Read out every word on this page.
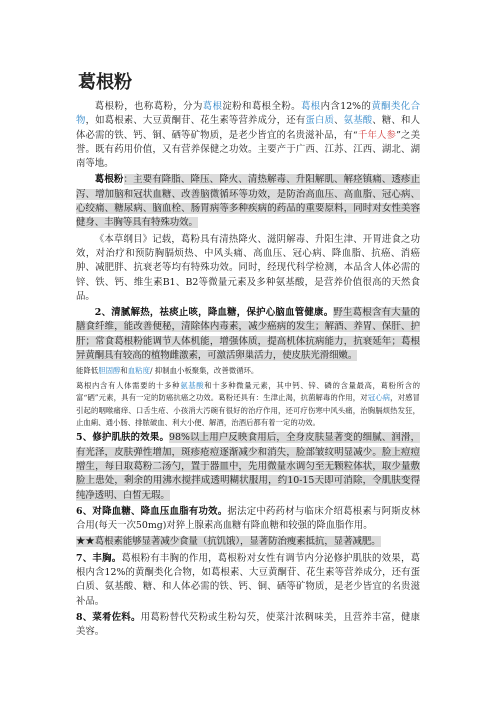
葛根粉

葛根粉，也称葛粉，分为葛根淀粉和葛根全粉。葛根内含12%的黄酮类化合物，如葛根素、大豆黄酮苷、花生素等营养成分，还有蛋白质、氨基酸、糖、和人体必需的铁、钙、铜、硒等矿物质，是老少皆宜的名贵滋补品，有“千年人参”之美誉。既有药用价值，又有营养保健之功效。主要产于广西、江苏、江西、湖北、湖南等地。

葛根粉：主要有降脂、降压、降火、清热解毒、升阳解肌、解痉镇痛、透疹止泻、增加脑和冠状血糖、改善脑微循环等功效，是防治高血压、高血脂、冠心病、心绞痛、糖尿病、脑血栓、肠胃病等多种疾病的药品的重要原料，同时对女性美容健身、丰胸等具有特殊功效。

《本草纲目》记载，葛粉具有清热降火、滋阴解毒、升阳生津、开胃进食之功效，对治疗和预防胸膈烦热、中风头痛、高血压、冠心病、降血脂、抗癌、消癌肿、减肥胖、抗衰老等均有特殊功效。同时，经现代科学检测，本品含人体必需的锌、铁、钙、维生素B1、B2等微量元素及多种氨基酸，是营养价值很高的天然食品。

2、清腻解热，祛痰止咳，降血糖，保护心脑血管健康。野生葛根含有大量的膳食纤维，能改善便秘，清除体内毒素，减少癌病的发生；解酒、养胃、保肝、护肝；常食葛根粉能调节人体机能，增强体质，提高机体抗病能力，抗衰延年；葛根异黄酮具有较高的植物雌激素，可激活卵巢活力，使皮肤光滑细嫩。

能降低胆固醇和血粘度/ 抑制血小板聚集，改善微循环。

葛根内含有人体需要的十多种氨基酸和十多种微量元素，其中钙、锌、磷的含量最高，葛粉所含的富“硒”元素，具有一定的防癌抗癌之功效。葛粉还具有：生津止渴，抗菌解毒的作用，对冠心病，对感冒引起的咽喉痛痒、口舌生疮、小孩消大汚碗有很好的治疗作用，还可疗伤寒中风头痛，治胸膈烦热发狂，止血痢、通小肠、排脓破血、利大小便、解酒，治酒后都有着一定的功效。

5、修护肌肤的效果。98%以上用户反映食用后，全身皮肤显著变的细腻、润滑，有光泽，皮肤弹性增加，斑疹疮痘逐渐减少和消失，脸部皱纹明显减少。脸上痘痘增生，每日取葛粉二汤勺，置于器皿中，先用微量水调匀至无颗粒体状，取少量敷脸上患处，剩余的用沸水搅拌成透明糊状服用，约10-15天即可消除，令肌肤变得纯净透明、白皙无瑕。

6、对降血糖、降血压血脂有功效。据法定中药药材与临床介绍葛根素与阿斯皮林合用(每天一次50mg)对猝上腺素高血糖有降血糖和较强的降血脂作用。

★★葛根素能够显著减少食量（抗饥饿），显著防治瘦素抵抗，显著减肥。

7、丰胸。葛根粉有丰胸的作用，葛根粉对女性有调节内分泌修护肌肤的效果，葛根内含12%的黄酮类化合物，如葛根素、大豆黄酮苷、花生素等营养成分，还有蛋白质、氨基酸、糖、和人体必需的铁、钙、铜、硒等矿物质，是老少皆宜的名贵滋补品。

8、菜肴佐料。用葛粉替代芡粉或生粉勾芡，使菜汁浓稠味美，且营养丰富，健康美容。
